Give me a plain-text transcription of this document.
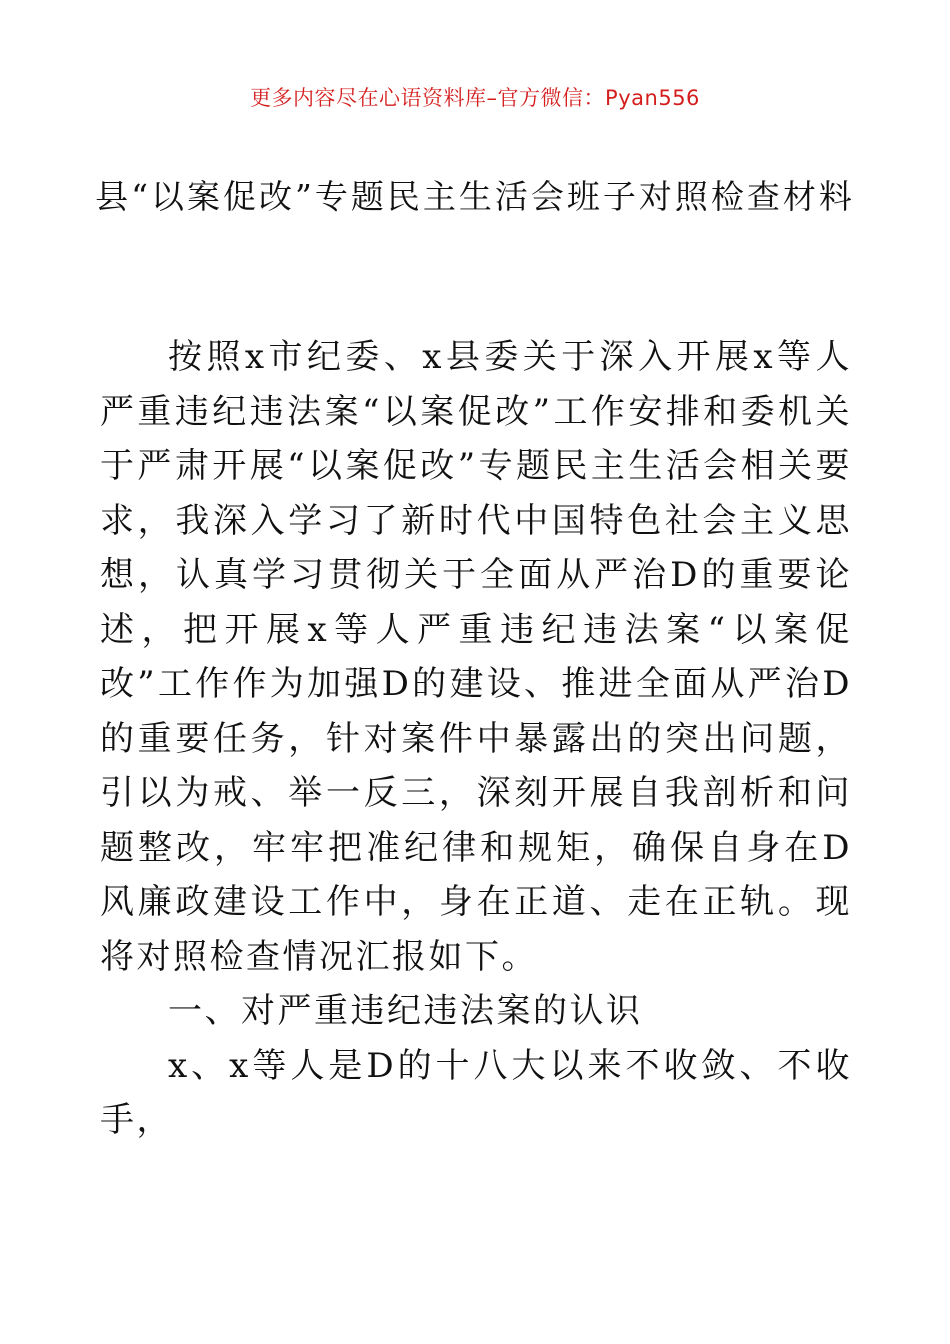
更多内容尽在心语资料库–官方微信：Pyan556
县“以案促改”专题民主生活会班子对照检查材料

按照x市纪委、x县委关于深入开展x等人严重违纪违法案“以案促改”工作安排和委机关于严肃开展“以案促改”专题民主生活会相关要求，我深入学习了新时代中国特色社会主义思想，认真学习贯彻关于全面从严治D的重要论述，把开展x等人严重违纪违法案“以案促改”工作作为加强D的建设、推进全面从严治D的重要任务，针对案件中暴露出的突出问题，引以为戒、举一反三，深刻开展自我剖析和问题整改，牢牢把准纪律和规矩，确保自身在D风廉政建设工作中，身在正道、走在正轨。现将对照检查情况汇报如下。

一、对严重违纪违法案的认识

x、x等人是D的十八大以来不收敛、不收手，
